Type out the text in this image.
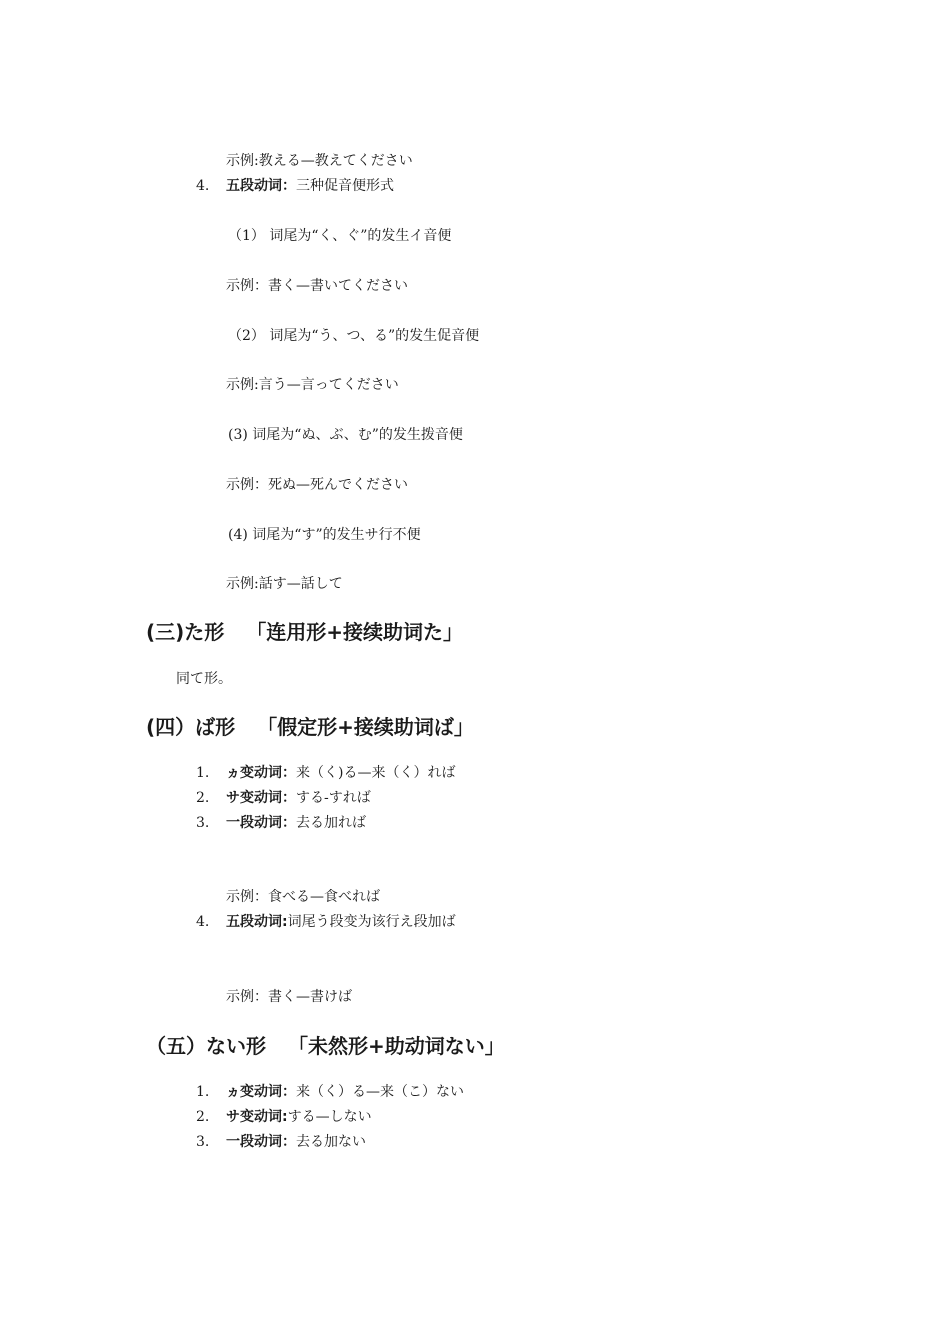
示例:教える—教えてください
4. 五段动词：三种促音便形式
（1） 词尾为“く、ぐ”的发生イ音便
示例：書く—書いてください
（2） 词尾为“う、つ、る”的发生促音便
示例:言う—言ってください
(3) 词尾为“ぬ、ぶ、む”的发生拨音便
示例：死ぬ—死んでください
(4) 词尾为“す”的发生サ行不便
示例:話す—話して
(三)た形 「连用形+接续助词た」
同て形。
(四）ば形 「假定形+接续助词ば」
1. ヵ变动词：来（く)る—来（く）れば
2. サ变动词：する-すれば
3. 一段动词：去る加れば
示例：食べる—食べれば
4. 五段动词:词尾う段变为该行え段加ば
示例：書く—書けば
（五）ない形 「未然形+助动词ない」
1. ヵ变动词：来（く）る—来（こ）ない
2. サ变动词:する—しない
3. 一段动词：去る加ない
